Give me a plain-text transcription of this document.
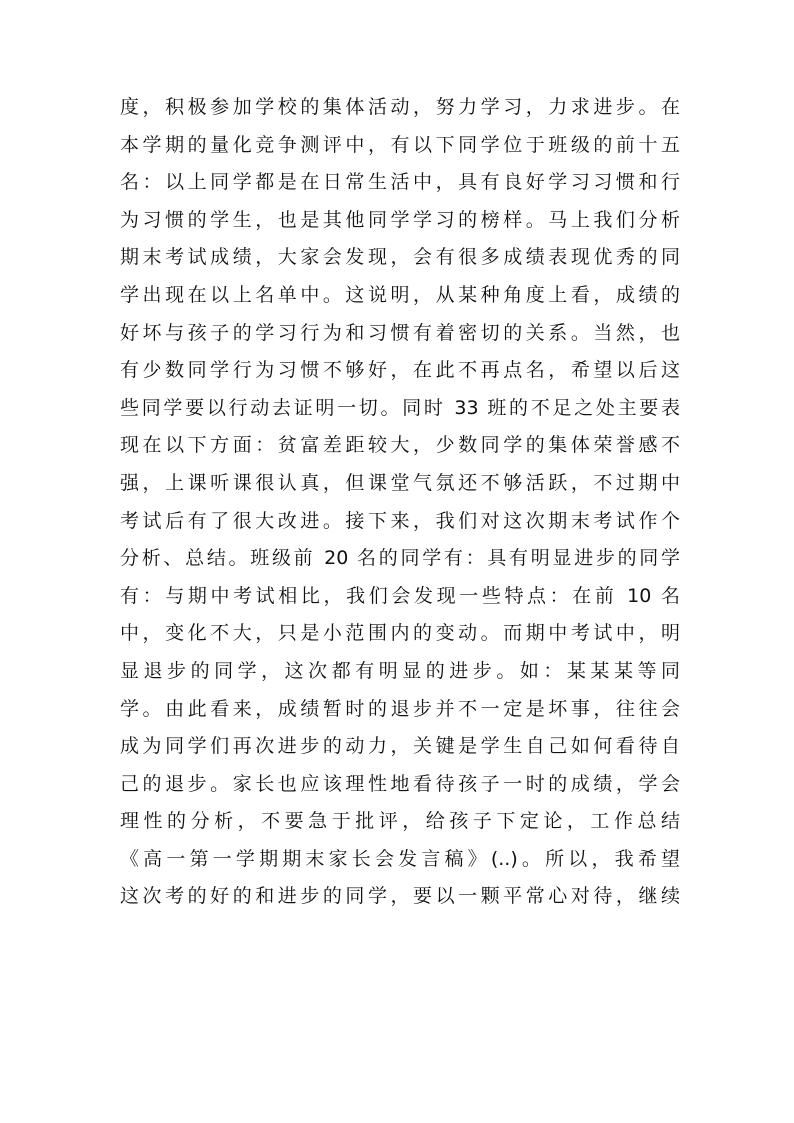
度，积极参加学校的集体活动，努力学习，力求进步。在
本学期的量化竞争测评中，有以下同学位于班级的前十五
名：以上同学都是在日常生活中，具有良好学习习惯和行
为习惯的学生，也是其他同学学习的榜样。马上我们分析
期末考试成绩，大家会发现，会有很多成绩表现优秀的同
学出现在以上名单中。这说明，从某种角度上看，成绩的
好坏与孩子的学习行为和习惯有着密切的关系。当然，也
有少数同学行为习惯不够好，在此不再点名，希望以后这
些同学要以行动去证明一切。同时 33 班的不足之处主要表
现在以下方面：贫富差距较大，少数同学的集体荣誉感不
强，上课听课很认真，但课堂气氛还不够活跃，不过期中
考试后有了很大改进。接下来，我们对这次期末考试作个
分析、总结。班级前 20 名的同学有：具有明显进步的同学
有：与期中考试相比，我们会发现一些特点：在前 10 名
中，变化不大，只是小范围内的变动。而期中考试中，明
显退步的同学，这次都有明显的进步。如：某某某等同
学。由此看来，成绩暂时的退步并不一定是坏事，往往会
成为同学们再次进步的动力，关键是学生自己如何看待自
己的退步。家长也应该理性地看待孩子一时的成绩，学会
理性的分析，不要急于批评，给孩子下定论，工作总结
《高一第一学期期末家长会发言稿》(..)。所以，我希望
这次考的好的和进步的同学，要以一颗平常心对待，继续
